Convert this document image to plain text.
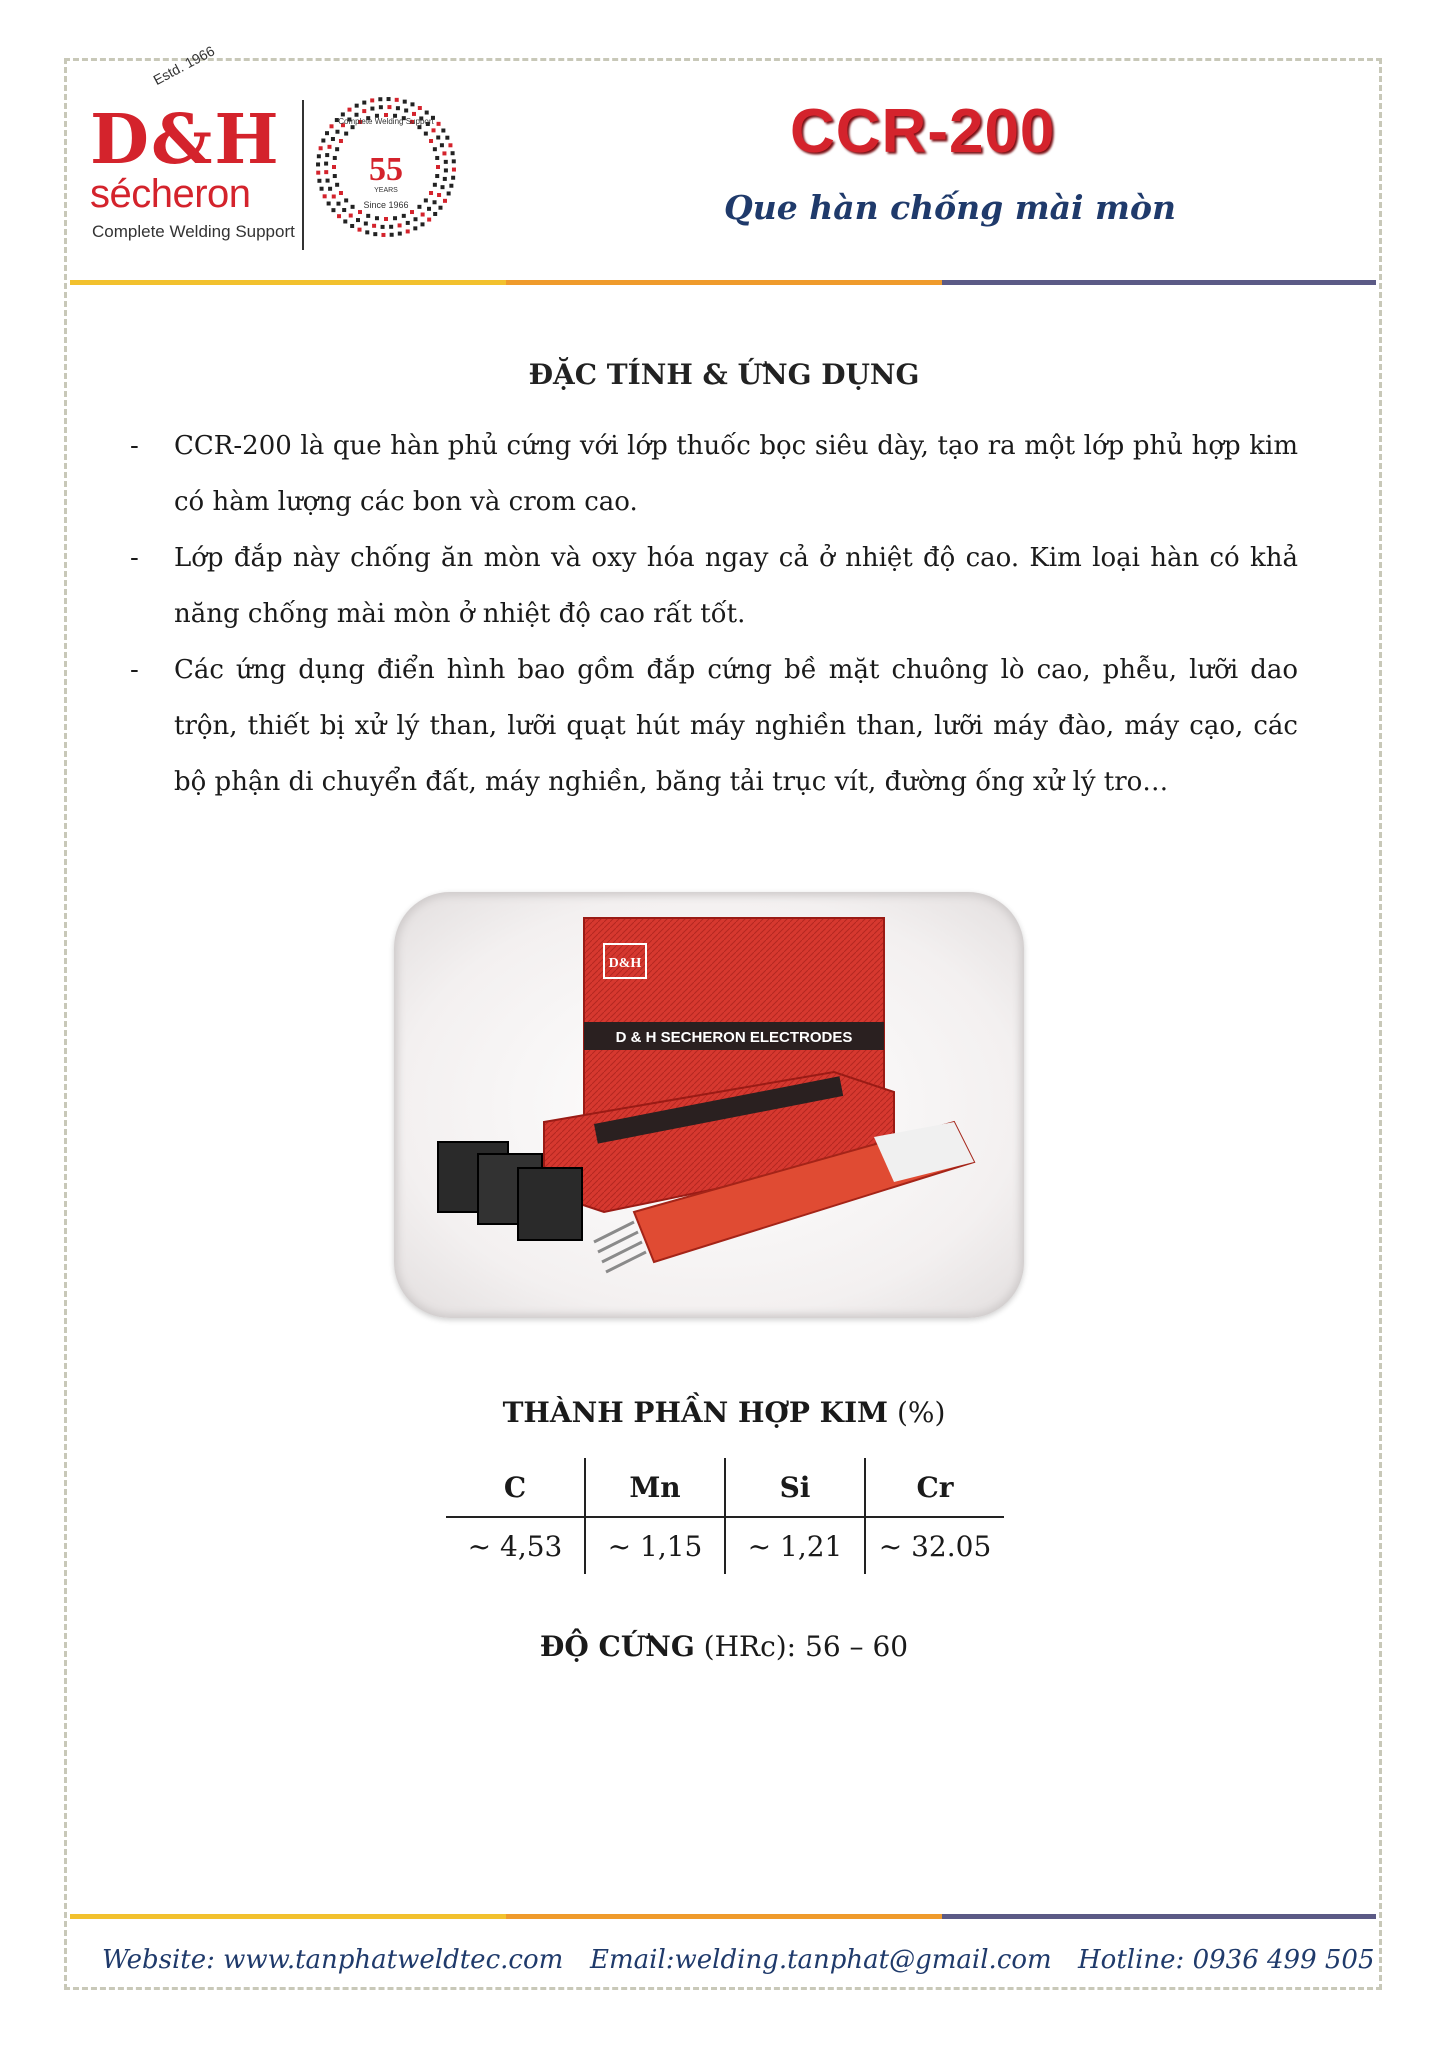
Estd. 1966
D&H
sécheron
Complete Welding Support
Complete Welding Support
55
YEARS
Since 1966
CCR-200
Que hàn chống mài mòn
ĐẶC TÍNH & ỨNG DỤNG
- CCR-200 là que hàn phủ cứng với lớp thuốc bọc siêu dày, tạo ra một lớp phủ hợp kim có hàm lượng các bon và crom cao.
- Lớp đắp này chống ăn mòn và oxy hóa ngay cả ở nhiệt độ cao. Kim loại hàn có khả năng chống mài mòn ở nhiệt độ cao rất tốt.
- Các ứng dụng điển hình bao gồm đắp cứng bề mặt chuông lò cao, phễu, lưỡi dao trộn, thiết bị xử lý than, lưỡi quạt hút máy nghiền than, lưỡi máy đào, máy cạo, các bộ phận di chuyển đất, máy nghiền, băng tải trục vít, đường ống xử lý tro…
D&H
D & H SECHERON ELECTRODES
THÀNH PHẦN HỢP KIM (%)
C	Mn	Si	Cr
~ 4,53	~ 1,15	~ 1,21	~ 32.05
ĐỘ CỨNG (HRc): 56 – 60
Website: www.tanphatweldtec.com Email:welding.tanphat@gmail.com Hotline: 0936 499 505
